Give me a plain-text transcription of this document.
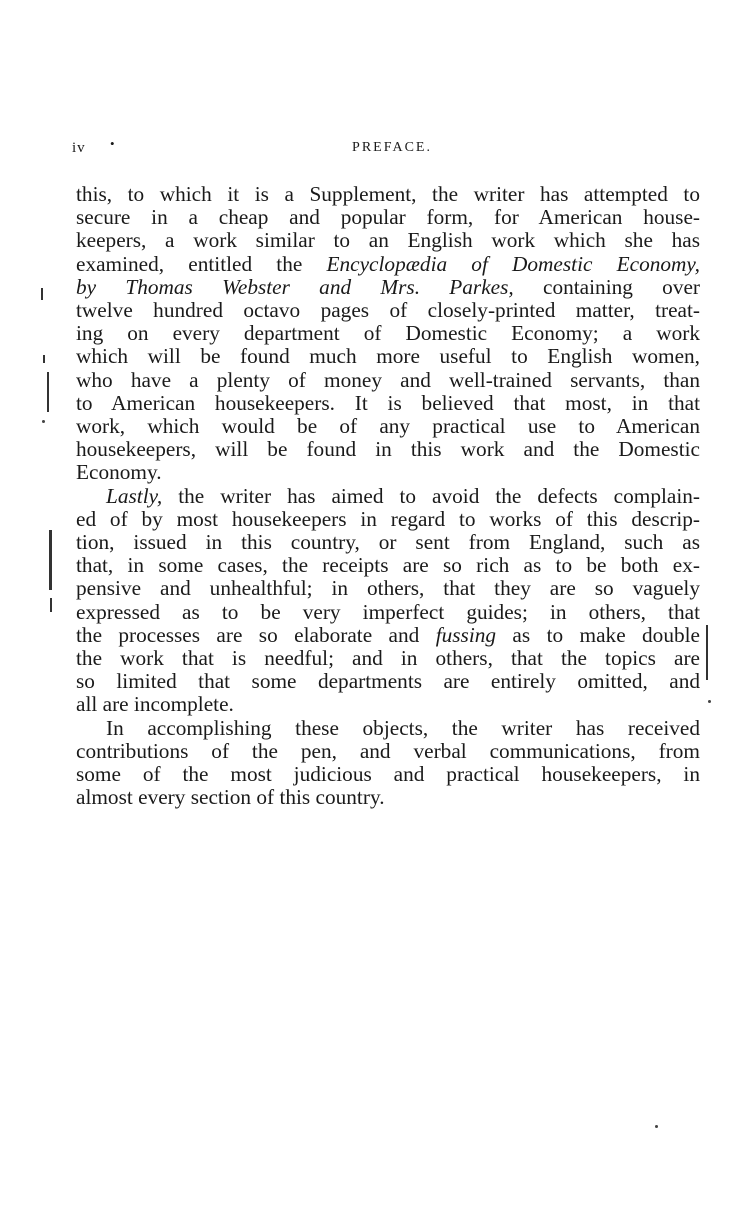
iv •	PREFACE.

this, to which it is a Supplement, the writer has attempted to
secure in a cheap and popular form, for American house-
keepers, a work similar to an English work which she has
examined, entitled the Encyclopædia of Domestic Economy,
by Thomas Webster and Mrs. Parkes, containing over
twelve hundred octavo pages of closely-printed matter, treat-
ing on every department of Domestic Economy; a work
which will be found much more useful to English women,
who have a plenty of money and well-trained servants, than
to American housekeepers. It is believed that most, in that
work, which would be of any practical use to American
housekeepers, will be found in this work and the Domestic
Economy.

Lastly, the writer has aimed to avoid the defects complain-
ed of by most housekeepers in regard to works of this descrip-
tion, issued in this country, or sent from England, such as
that, in some cases, the receipts are so rich as to be both ex-
pensive and unhealthful; in others, that they are so vaguely
expressed as to be very imperfect guides; in others, that
the processes are so elaborate and fussing as to make double
the work that is needful; and in others, that the topics are
so limited that some departments are entirely omitted, and
all are incomplete.

In accomplishing these objects, the writer has received
contributions of the pen, and verbal communications, from
some of the most judicious and practical housekeepers, in
almost every section of this country.
